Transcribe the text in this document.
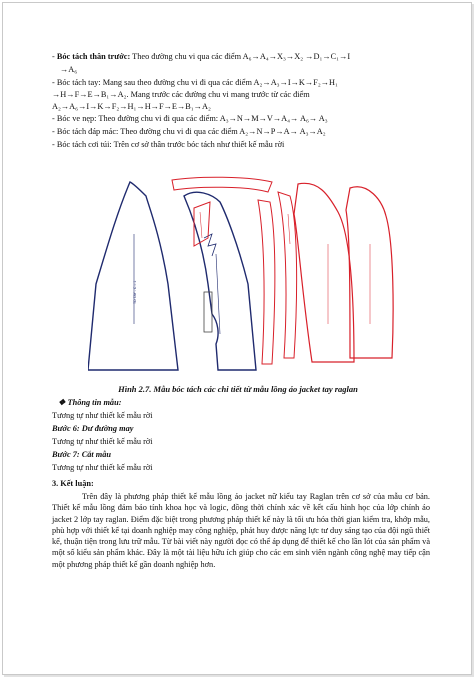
- Bóc tách thân trước: Theo đường chu vi qua các điểm A₆→A₄→X₃→X₂ →D₁→C₁→I
→A₆
- Bóc tách tay: Mang sau theo đường chu vi đi qua các điểm A₂→A₃→I→K→F₂→H₁
→H→F→E→B₁→A₂. Mang trước các đường chu vi mang trước từ các điểm
A₂→A₆→I→K→F₂→H₁→H→F→E→B₁→A₂
- Bóc ve nẹp: Theo đường chu vi đi qua các điểm: A₃→N→M→V→A₄→ A₆→ A₃
- Bóc tách đáp mác: Theo đường chu vi đi qua các điểm A₂→N→P→A→ A₃→A₂
- Bóc tách cơi túi: Trên cơ sở thân trước bóc tách như thiết kế mẫu rời
TD TAY - C = 1
Hình 2.7. Mẫu bóc tách các chi tiết từ mẫu lồng áo jacket tay raglan
❖ Thông tin mẫu:
Tương tự như thiết kế mẫu rời
Bước 6: Dư đường may
Tương tự như thiết kế mẫu rời
Bước 7: Cắt mẫu
Tương tự như thiết kế mẫu rời
3. Kết luận:
Trên đây là phương pháp thiết kế mẫu lồng áo jacket nữ kiểu tay Raglan trên cơ sở của mẫu cơ bản. Thiết kế mẫu lồng đảm bảo tính khoa học và logic, đồng thời chính xác về kết cấu hình học của lớp chính áo jacket 2 lớp tay raglan. Điểm đặc biệt trong phương pháp thiết kế này là tối ưu hóa thời gian kiểm tra, khớp mẫu, phù hợp với thiết kế tại doanh nghiệp may công nghiệp, phát huy được năng lực tư duy sáng tạo của đội ngũ thiết kế, thuận tiện trong lưu trữ mẫu. Từ bài viết này người đọc có thể áp dụng để thiết kế cho lần lót của sản phẩm và một số kiểu sản phẩm khác. Đây là một tài liệu hữu ích giúp cho các em sinh viên ngành công nghệ may tiếp cận một phương pháp thiết kế gần doanh nghiệp hơn.
